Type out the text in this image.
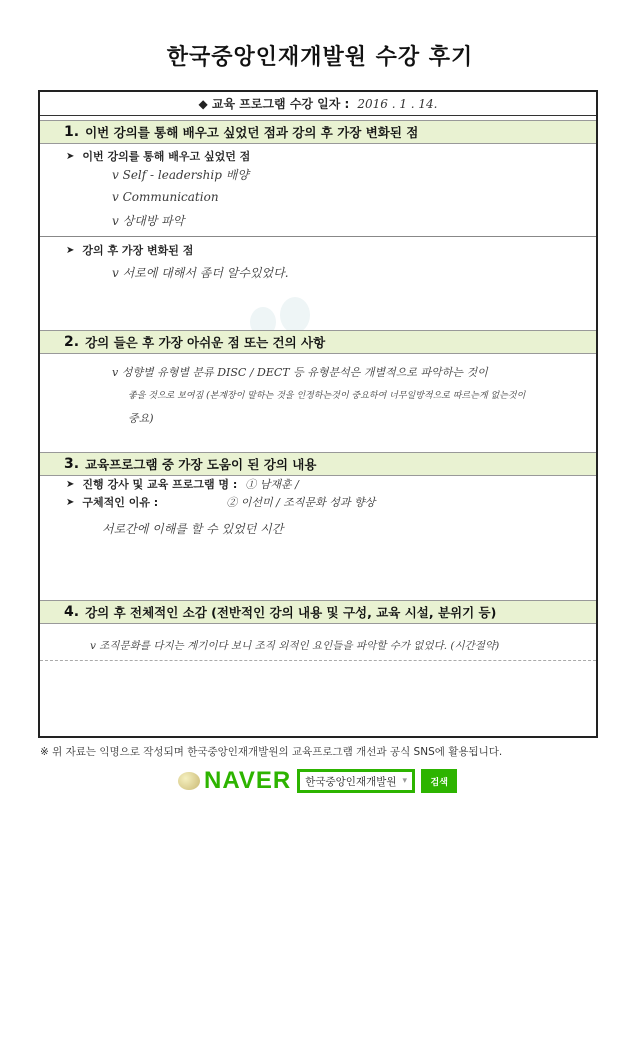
한국중앙인재개발원 수강 후기
◆ 교육 프로그램 수강 일자 : 2016 . 1 . 14.
1. 이번 강의를 통해 배우고 싶었던 점과 강의 후 가장 변화된 점
➤ 이번 강의를 통해 배우고 싶었던 점
v Self - leadership 배양
v Communication
v 상대방 파악
➤ 강의 후 가장 변화된 점
v 서로에 대해서 좀더 알수있었다.
2. 강의 들은 후 가장 아쉬운 점 또는 건의 사항
v 성향별 유형별 분류 DISC / DECT 등 유형분석은 개별적으로 파악하는 것이
좋을 것으로 보여짐 (본계장이 말하는 것을 인정하는것이 중요하여 너무일방적으로 따르는게 없는것이
중요)
3. 교육프로그램 중 가장 도움이 된 강의 내용
➤ 진행 강사 및 교육 프로그램 명 : ① 남재훈 /
➤ 구체적인 이유 :	② 이선미 / 조직문화 성과 향상
서로간에 이해를 할 수 있었던 시간
4. 강의 후 전체적인 소감 (전반적인 강의 내용 및 구성, 교육 시설, 분위기 등)
v 조직문화를 다지는 계기이다 보니 조직 외적인 요인들을 파악할 수가 없었다. (시간절약)
※ 위 자료는 익명으로 작성되며 한국중앙인재개발원의 교육프로그램 개선과 공식 SNS에 활용됩니다.
NAVER 한국중앙인재개발원 ▾	검색
